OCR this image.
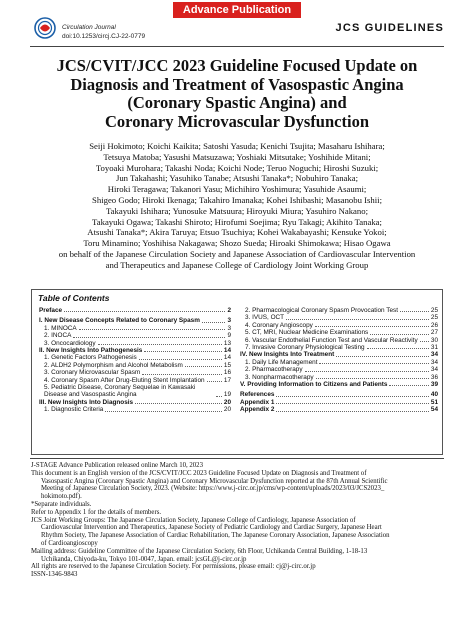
Advance Publication
Circulation Journal
doi:10.1253/circj.CJ-22-0779
JCS GUIDELINES
JCS/CVIT/JCC 2023 Guideline Focused Update on
Diagnosis and Treatment of Vasospastic Angina
(Coronary Spastic Angina) and
Coronary Microvascular Dysfunction
Seiji Hokimoto; Koichi Kaikita; Satoshi Yasuda; Kenichi Tsujita; Masaharu Ishihara;
Tetsuya Matoba; Yasushi Matsuzawa; Yoshiaki Mitsutake; Yoshihide Mitani;
Toyoaki Murohara; Takashi Noda; Koichi Node; Teruo Noguchi; Hiroshi Suzuki;
Jun Takahashi; Yasuhiko Tanabe; Atsushi Tanaka*; Nobuhiro Tanaka;
Hiroki Teragawa; Takanori Yasu; Michihiro Yoshimura; Yasuhide Asaumi;
Shigeo Godo; Hiroki Ikenaga; Takahiro Imanaka; Kohei Ishibashi; Masanobu Ishii;
Takayuki Ishihara; Yunosuke Matsuura; Hiroyuki Miura; Yasuhiro Nakano;
Takayuki Ogawa; Takashi Shiroto; Hirofumi Soejima; Ryu Takagi; Akihito Tanaka;
Atsushi Tanaka*; Akira Taruya; Etsuo Tsuchiya; Kohei Wakabayashi; Kensuke Yokoi;
Toru Minamino; Yoshihisa Nakagawa; Shozo Sueda; Hiroaki Shimokawa; Hisao Ogawa
on behalf of the Japanese Circulation Society and Japanese Association of Cardiovascular Intervention
and Therapeutics and Japanese College of Cardiology Joint Working Group
Table of Contents
Preface	2
I. New Disease Concepts Related to Coronary Spasm	3
1. MINOCA	3
2. INOCA	9
3. Oncocardiology	13
II. New Insights Into Pathogenesis	14
1. Genetic Factors Pathogenesis	14
2. ALDH2 Polymorphism and Alcohol Metabolism	15
3. Coronary Microvascular Spasm	16
4. Coronary Spasm After Drug-Eluting Stent Implantation	17
5. Pediatric Disease, Coronary Sequelae in Kawasaki Disease and Vasospastic Angina	19
III. New Insights Into Diagnosis	20
1. Diagnostic Criteria	20
2. Pharmacological Coronary Spasm Provocation Test	25
3. IVUS, OCT	25
4. Coronary Angioscopy	26
5. CT, MRI, Nuclear Medicine Examinations	27
6. Vascular Endothelial Function Test and Vascular Reactivity 30
7. Invasive Coronary Physiological Testing	31
IV. New Insights Into Treatment	34
1. Daily Life Management	34
2. Pharmacotherapy	34
3. Nonpharmacotherapy	36
V. Providing Information to Citizens and Patients	39
References	40
Appendix 1	51
Appendix 2	54
J-STAGE Advance Publication released online March 10, 2023
This document is an English version of the JCS/CVIT/JCC 2023 Guideline Focused Update on Diagnosis and Treatment of
Vasospastic Angina (Coronary Spastic Angina) and Coronary Microvascular Dysfunction reported at the 87th Annual Scientific
Meeting of Japanese Circulation Society, 2023. (Website: https://www.j-circ.or.jp/cms/wp-content/uploads/2023/03/JCS2023_
hokimoto.pdf).
*Separate individuals.
Refer to Appendix 1 for the details of members.
JCS Joint Working Groups: The Japanese Circulation Society, Japanese College of Cardiology, Japanese Association of
Cardiovascular Intervention and Therapeutics, Japanese Society of Pediatric Cardiology and Cardiac Surgery, Japanese Heart
Rhythm Society, The Japanese Association of Cardiac Rehabilitation, The Japanese Coronary Association, Japanese Association
of Cardioangioscopy
Mailing address: Guideline Committee of the Japanese Circulation Society, 6th Floor, Uchikanda Central Building, 1-18-13
Uchikanda, Chiyoda-ku, Tokyo 101-0047, Japan. email: jcsGL@j-circ.or.jp
All rights are reserved to the Japanese Circulation Society. For permissions, please email: cj@j-circ.or.jp
ISSN-1346-9843
